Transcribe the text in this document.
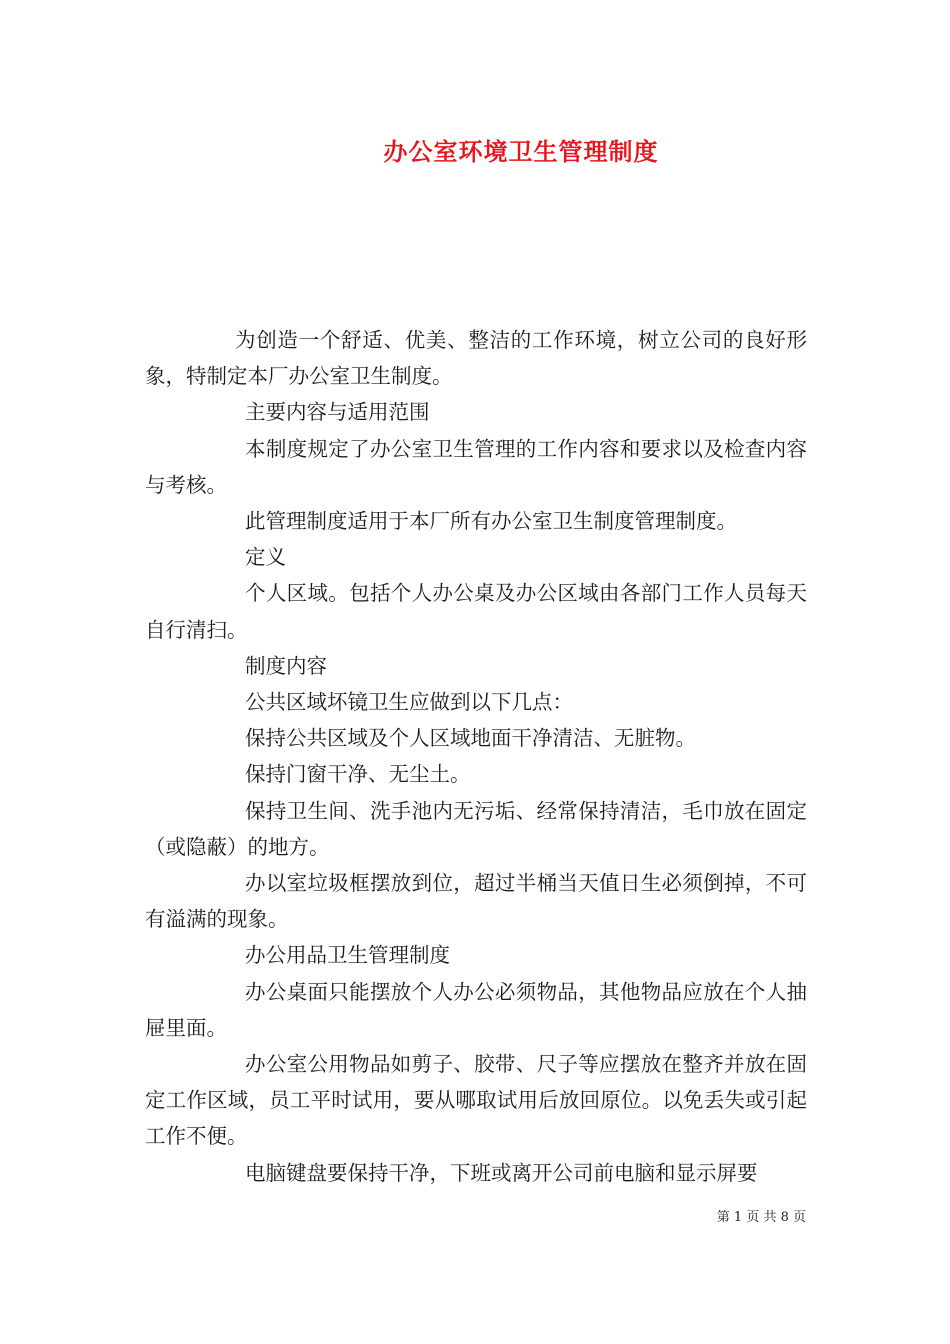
办公室环境卫生管理制度

为创造一个舒适、优美、整洁的工作环境，树立公司的良好形象，特制定本厂办公室卫生制度。

主要内容与适用范围

本制度规定了办公室卫生管理的工作内容和要求以及检查内容与考核。

此管理制度适用于本厂所有办公室卫生制度管理制度。

定义

个人区域。包括个人办公桌及办公区域由各部门工作人员每天自行清扫。

制度内容

公共区域坏镜卫生应做到以下几点：

保持公共区域及个人区域地面干净清洁、无脏物。

保持门窗干净、无尘土。

保持卫生间、洗手池内无污垢、经常保持清洁，毛巾放在固定（或隐蔽）的地方。

办以室垃圾框摆放到位，超过半桶当天值日生必须倒掉，不可有溢满的现象。

办公用品卫生管理制度

办公桌面只能摆放个人办公必须物品，其他物品应放在个人抽屉里面。

办公室公用物品如剪子、胶带、尺子等应摆放在整齐并放在固定工作区域，员工平时试用，要从哪取试用后放回原位。以免丢失或引起工作不便。

电脑键盘要保持干净，下班或离开公司前电脑和显示屏要

第 1 页 共 8 页
